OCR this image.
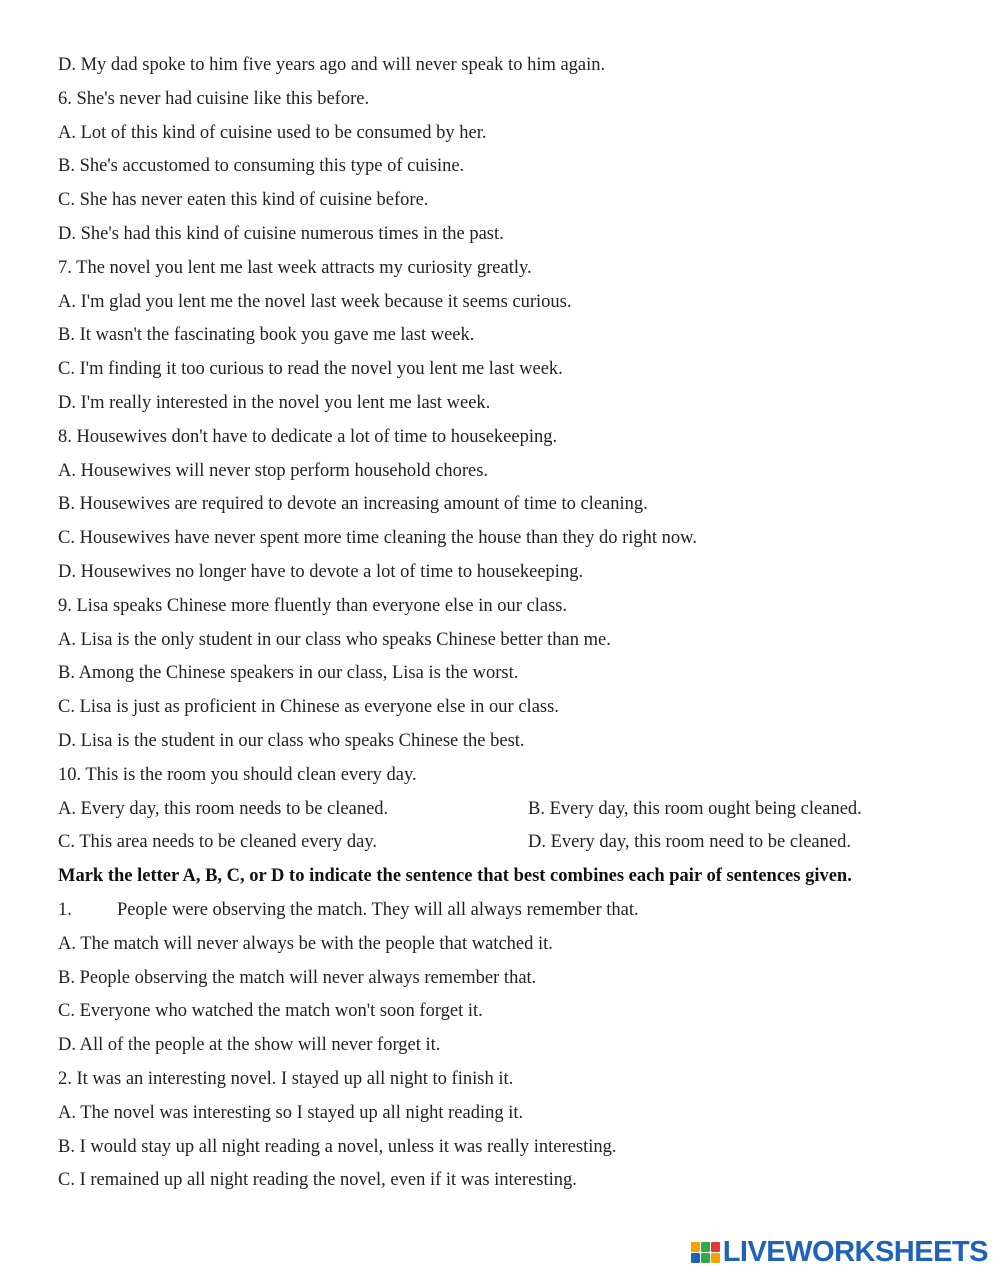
D. My dad spoke to him five years ago and will never speak to him again.
6. She's never had cuisine like this before.
A. Lot of this kind of cuisine used to be consumed by her.
B. She's accustomed to consuming this type of cuisine.
C. She has never eaten this kind of cuisine before.
D. She's had this kind of cuisine numerous times in the past.
7. The novel you lent me last week attracts my curiosity greatly.
A. I'm glad you lent me the novel last week because it seems curious.
B. It wasn't the fascinating book you gave me last week.
C. I'm finding it too curious to read the novel you lent me last week.
D. I'm really interested in the novel you lent me last week.
8. Housewives don't have to dedicate a lot of time to housekeeping.
A. Housewives will never stop perform household chores.
B. Housewives are required to devote an increasing amount of time to cleaning.
C. Housewives have never spent more time cleaning the house than they do right now.
D. Housewives no longer have to devote a lot of time to housekeeping.
9. Lisa speaks Chinese more fluently than everyone else in our class.
A. Lisa is the only student in our class who speaks Chinese better than me.
B. Among the Chinese speakers in our class, Lisa is the worst.
C. Lisa is just as proficient in Chinese as everyone else in our class.
D. Lisa is the student in our class who speaks Chinese the best.
10. This is the room you should clean every day.
A. Every day, this room needs to be cleaned.	B. Every day, this room ought being cleaned.
C. This area needs to be cleaned every day.	D. Every day, this room need to be cleaned.
Mark the letter A, B, C, or D to indicate the sentence that best combines each pair of sentences given.
1. People were observing the match. They will all always remember that.
A. The match will never always be with the people that watched it.
B. People observing the match will never always remember that.
C. Everyone who watched the match won't soon forget it.
D. All of the people at the show will never forget it.
2. It was an interesting novel. I stayed up all night to finish it.
A. The novel was interesting so I stayed up all night reading it.
B. I would stay up all night reading a novel, unless it was really interesting.
C. I remained up all night reading the novel, even if it was interesting.
LIVEWORKSHEETS
